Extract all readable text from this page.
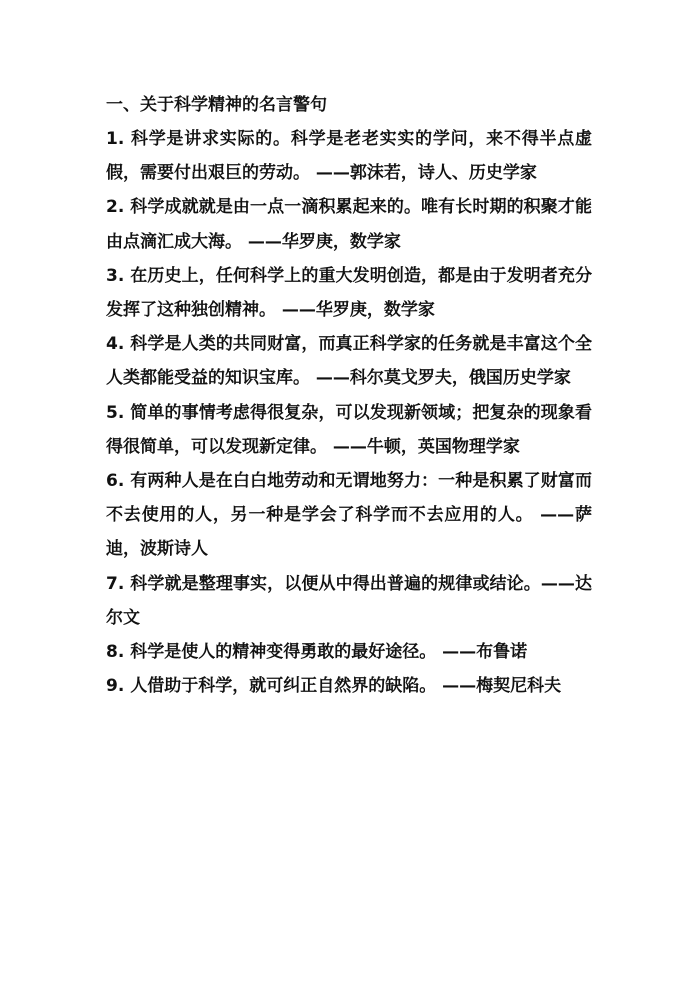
一、关于科学精神的名言警句

1. 科学是讲求实际的。科学是老老实实的学问，来不得半点虚假，需要付出艰巨的劳动。 ——郭沫若，诗人、历史学家

2. 科学成就就是由一点一滴积累起来的。唯有长时期的积聚才能由点滴汇成大海。 ——华罗庚，数学家

3. 在历史上，任何科学上的重大发明创造，都是由于发明者充分发挥了这种独创精神。 ——华罗庚，数学家

4. 科学是人类的共同财富，而真正科学家的任务就是丰富这个全人类都能受益的知识宝库。 ——科尔莫戈罗夫，俄国历史学家

5. 简单的事情考虑得很复杂，可以发现新领域；把复杂的现象看得很简单，可以发现新定律。 ——牛顿，英国物理学家

6. 有两种人是在白白地劳动和无谓地努力：一种是积累了财富而不去使用的人，另一种是学会了科学而不去应用的人。 ——萨迪，波斯诗人

7. 科学就是整理事实，以便从中得出普遍的规律或结论。——达尔文

8. 科学是使人的精神变得勇敢的最好途径。 ——布鲁诺

9. 人借助于科学，就可纠正自然界的缺陷。 ——梅契尼科夫
